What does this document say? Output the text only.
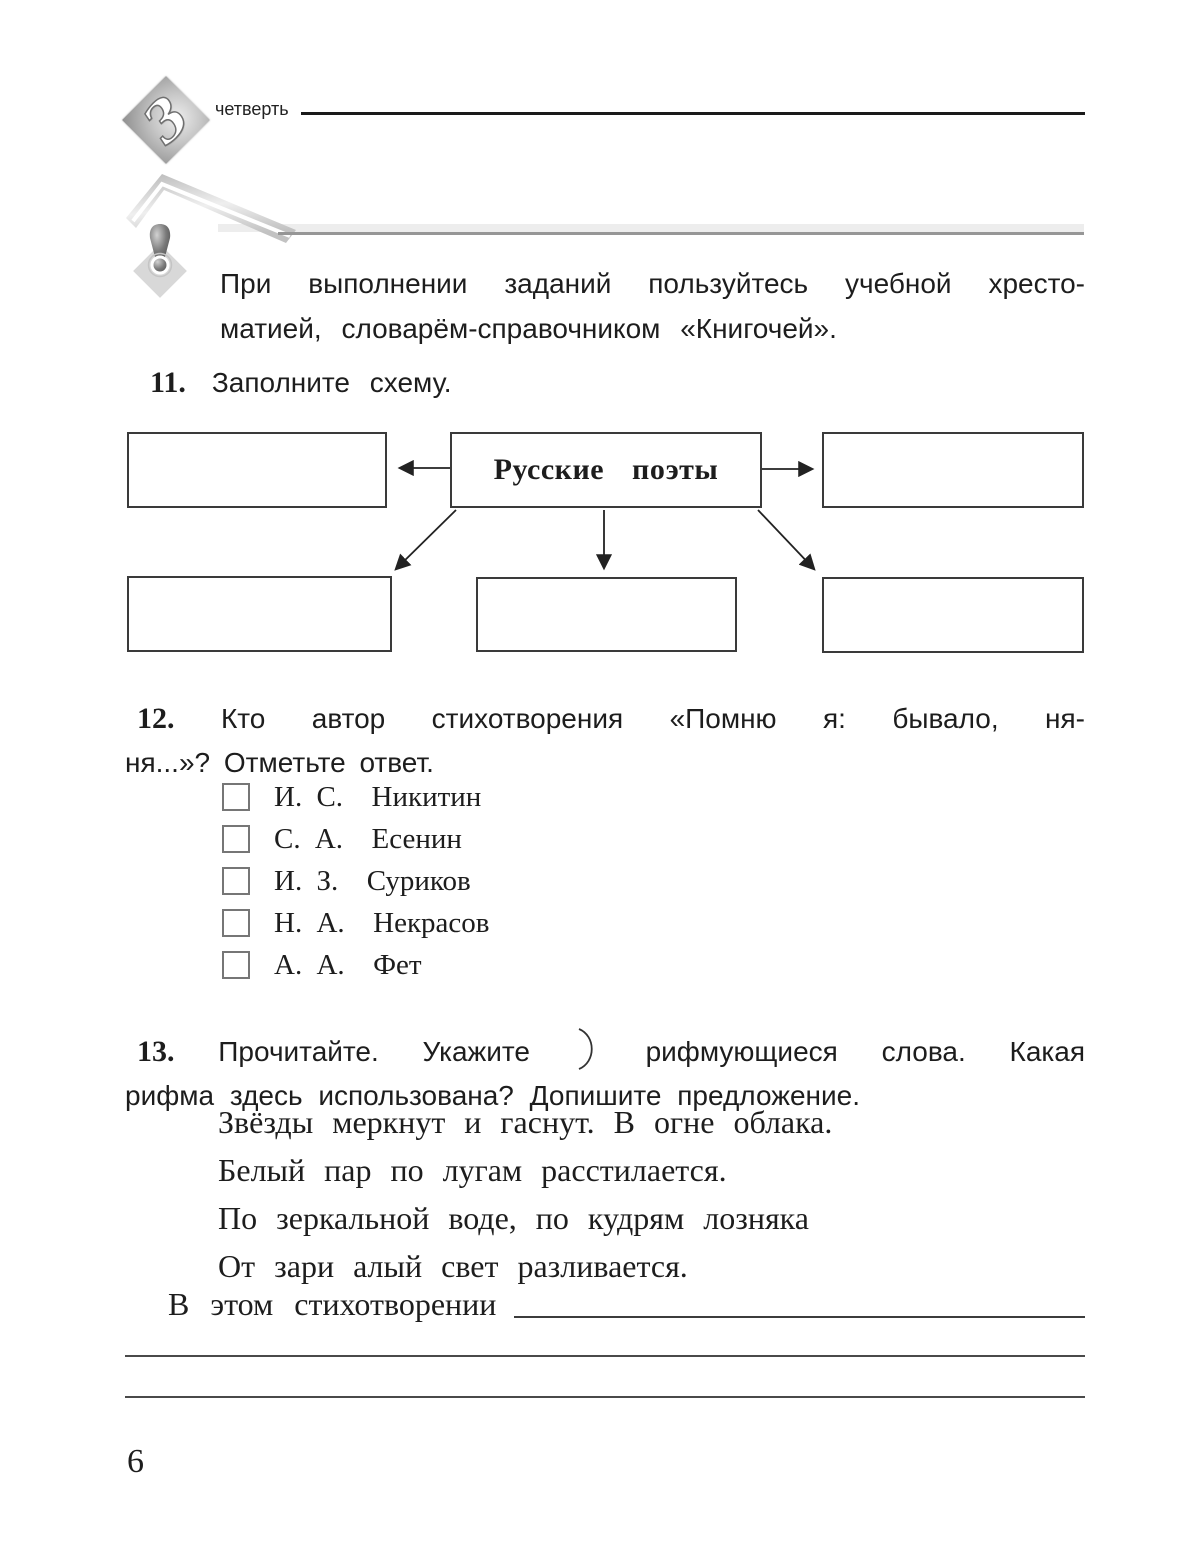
3 четверть
При выполнении заданий пользуйтесь учебной хресто-
матией, словарём-справочником «Книгочей».
11. Заполните схему.
Русские поэты
12. Кто автор стихотворения «Помню я: бывало, ня-
ня...»? Отметьте ответ.
И. С.  Никитин
С. А.  Есенин
И. З.  Суриков
Н. А.  Некрасов
А. А.  Фет
13. Прочитайте. Укажите	рифмующиеся слова. Какая
рифма здесь использована? Допишите предложение.
Звёзды меркнут и гаснут. В огне облака.
Белый пар по лугам расстилается.
По зеркальной воде, по кудрям лозняка
От зари алый свет разливается.
В этом стихотворении
6
